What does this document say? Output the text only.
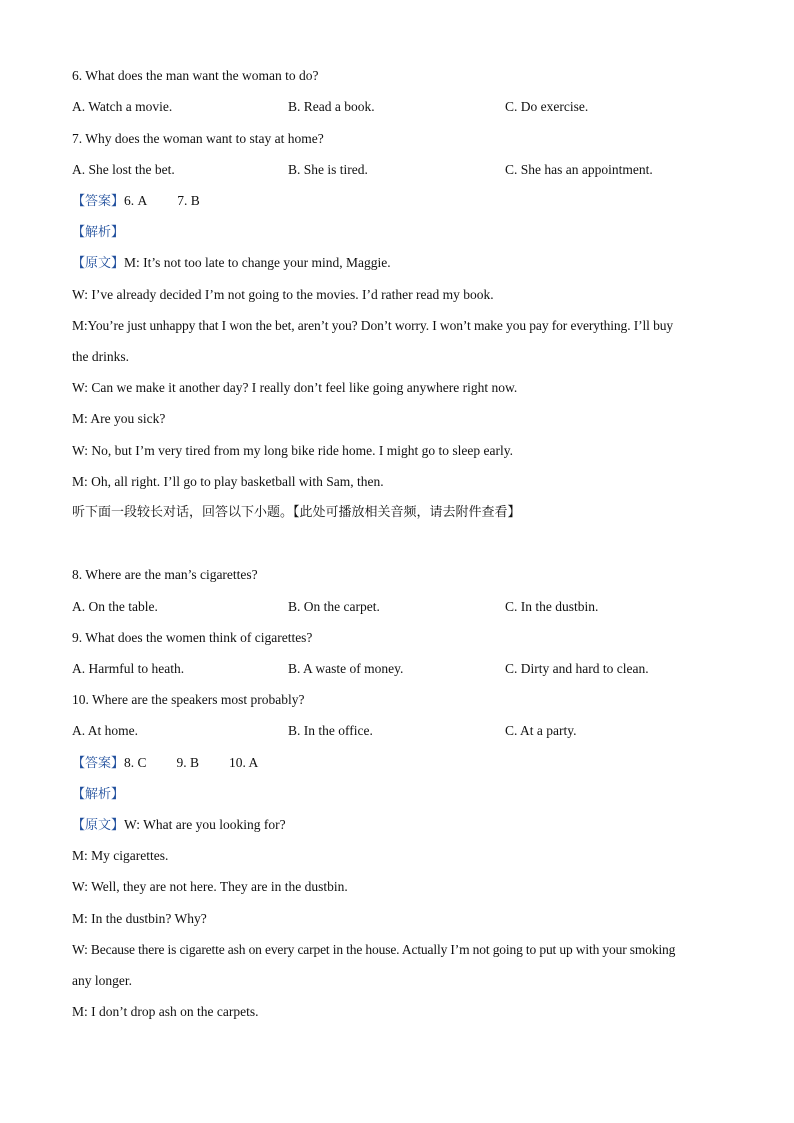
6. What does the man want the woman to do?
A. Watch a movie.	B. Read a book.	C. Do exercise.
7. Why does the woman want to stay at home?
A. She lost the bet.	B. She is tired.	C. She has an appointment.
【答案】6. A 7. B
【解析】
【原文】M: It’s not too late to change your mind, Maggie.
W: I’ve already decided I’m not going to the movies. I’d rather read my book.
M:You’re just unhappy that I won the bet, aren’t you? Don’t worry. I won’t make you pay for everything. I’ll buy
the drinks.
W: Can we make it another day? I really don’t feel like going anywhere right now.
M: Are you sick?
W: No, but I’m very tired from my long bike ride home. I might go to sleep early.
M: Oh, all right. I’ll go to play basketball with Sam, then.
听下面一段较长对话，回答以下小题。【此处可播放相关音频，请去附件查看】
8. Where are the man’s cigarettes?
A. On the table.	B. On the carpet.	C. In the dustbin.
9. What does the women think of cigarettes?
A. Harmful to heath.	B. A waste of money.	C. Dirty and hard to clean.
10. Where are the speakers most probably?
A. At home.	B. In the office.	C. At a party.
【答案】8. C 9. B 10. A
【解析】
【原文】W: What are you looking for?
M: My cigarettes.
W: Well, they are not here. They are in the dustbin.
M: In the dustbin? Why?
W: Because there is cigarette ash on every carpet in the house. Actually I’m not going to put up with your smoking
any longer.
M: I don’t drop ash on the carpets.
